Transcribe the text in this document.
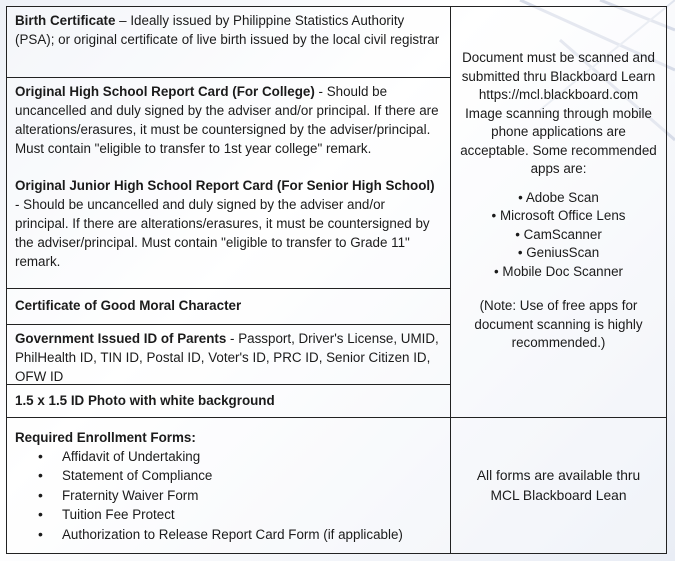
Birth Certificate – Ideally issued by Philippine Statistics Authority (PSA); or original certificate of live birth issued by the local civil registrar
Original High School Report Card (For College) - Should be uncancelled and duly signed by the adviser and/or principal. If there are alterations/erasures, it must be countersigned by the adviser/principal. Must contain "eligible to transfer to 1st year college" remark.
Original Junior High School Report Card (For Senior High School) - Should be uncancelled and duly signed by the adviser and/or principal. If there are alterations/erasures, it must be countersigned by the adviser/principal. Must contain "eligible to transfer to Grade 11" remark.
Certificate of Good Moral Character
Government Issued ID of Parents - Passport, Driver's License, UMID, PhilHealth ID, TIN ID, Postal ID, Voter's ID, PRC ID, Senior Citizen ID, OFW ID
1.5 x 1.5 ID Photo with white background
Required Enrollment Forms:
• Affidavit of Undertaking
• Statement of Compliance
• Fraternity Waiver Form
• Tuition Fee Protect
• Authorization to Release Report Card Form (if applicable)
Document must be scanned and submitted thru Blackboard Learn
https://mcl.blackboard.com
Image scanning through mobile phone applications are acceptable. Some recommended apps are:
• Adobe Scan
• Microsoft Office Lens
• CamScanner
• GeniusScan
• Mobile Doc Scanner
(Note: Use of free apps for document scanning is highly recommended.)
All forms are available thru MCL Blackboard Lean
